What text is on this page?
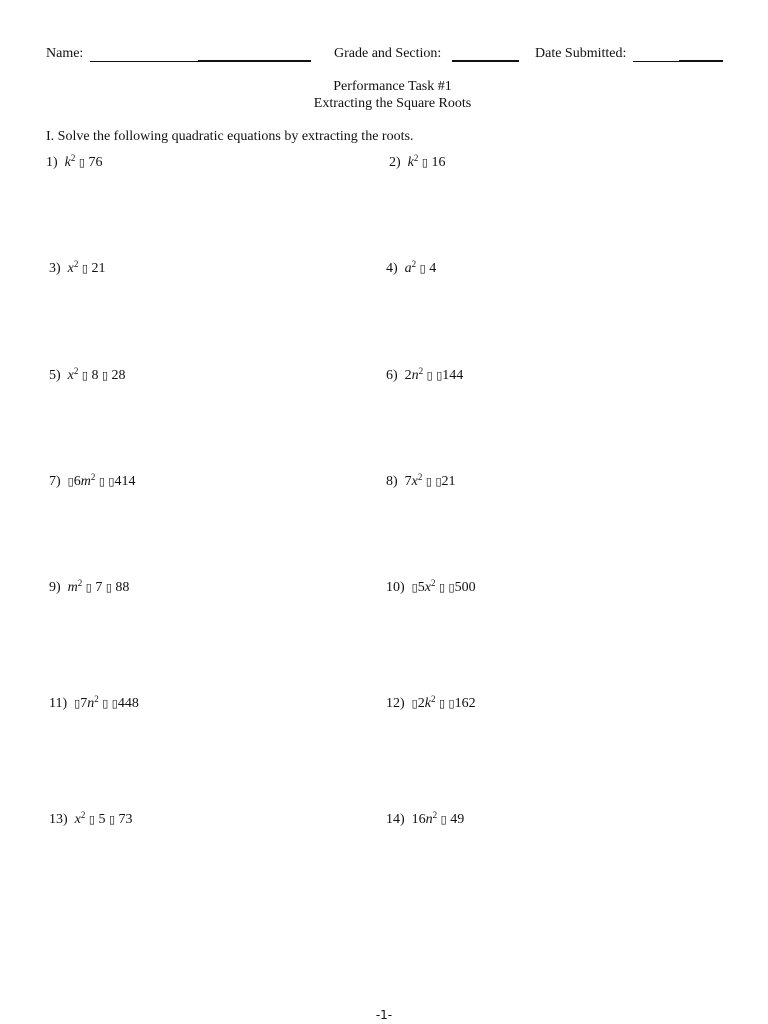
Name:	Grade and Section:	Date Submitted:
Performance Task #1
Extracting the Square Roots
I. Solve the following quadratic equations by extracting the roots.
1) $k^2$ ▯ 76	2) $k^2$ ▯ 16
3) $x^2$ ▯ 21	4) $a^2$ ▯ 4
5) $x^2$ ▯ 8 ▯ 28	6) $2n^2$ ▯ ▯144
7) $▯6m^2$ ▯ ▯414	8) $7x^2$ ▯ ▯21
9) $m^2$ ▯ 7 ▯ 88	10) $▯5x^2$ ▯ ▯500
11) $▯7n^2$ ▯ ▯448	12) $▯2k^2$ ▯ ▯162
13) $x^2$ ▯ 5 ▯ 73	14) $16n^2$ ▯ 49
-1-
